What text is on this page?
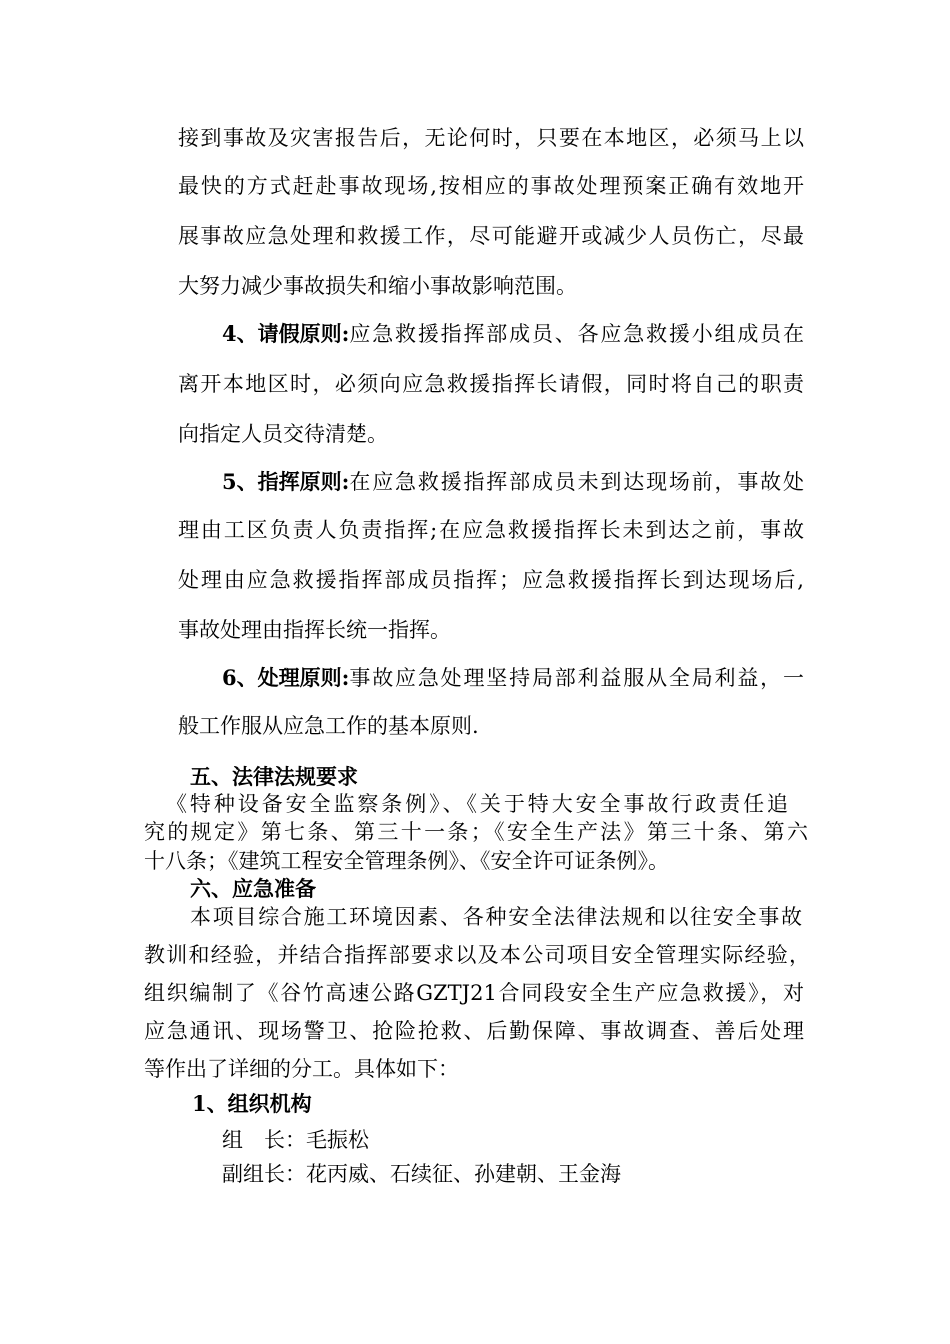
接到事故及灾害报告后，无论何时，只要在本地区，必须马上以
最快的方式赶赴事故现场,按相应的事故处理预案正确有效地开
展事故应急处理和救援工作，尽可能避开或减少人员伤亡，尽最
大努力减少事故损失和缩小事故影响范围。
4、请假原则: 应急救援指挥部成员、各应急救援小组成员在
离开本地区时，必须向应急救援指挥长请假，同时将自己的职责
向指定人员交待清楚。
5、指挥原则: 在应急救援指挥部成员未到达现场前，事故处
理由工区负责人负责指挥;在应急救援指挥长未到达之前，事故
处理由应急救援指挥部成员指挥；应急救援指挥长到达现场后,
事故处理由指挥长统一指挥。
6、处理原则: 事故应急处理坚持局部利益服从全局利益，一
般工作服从应急工作的基本原则.
五、法律法规要求
《特种设备安全监察条例》、《关于特大安全事故行政责任追
究的规定》第七条、第三十一条；《安全生产法》第三十条、第六
十八条；《建筑工程安全管理条例》、《安全许可证条例》。
六、应急准备
本项目综合施工环境因素、各种安全法律法规和以往安全事故
教训和经验，并结合指挥部要求以及本公司项目安全管理实际经验，
组织编制了《谷竹高速公路GZTJ21合同段安全生产应急救援》，对
应急通讯、现场警卫、抢险抢救、后勤保障、事故调查、善后处理
等作出了详细的分工。具体如下：
1、组织机构
组　长：毛振松
副组长：花丙威、石续征、孙建朝、王金海
